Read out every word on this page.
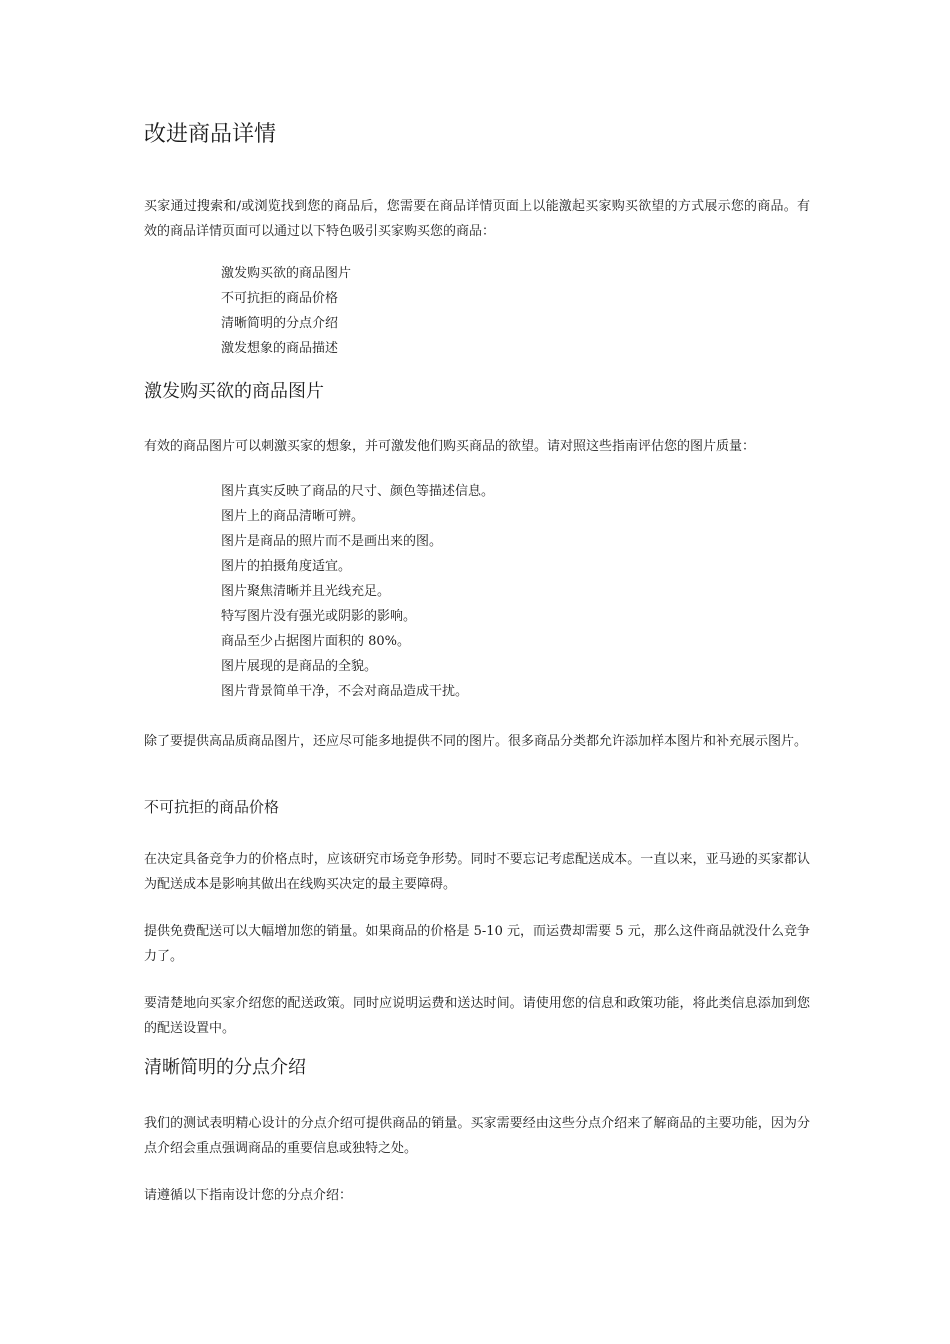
改进商品详情

买家通过搜索和/或浏览找到您的商品后，您需要在商品详情页面上以能激起买家购买欲望的方式展示您的商品。有效的商品详情页面可以通过以下特色吸引买家购买您的商品：

激发购买欲的商品图片
不可抗拒的商品价格
清晰简明的分点介绍
激发想象的商品描述
激发购买欲的商品图片

有效的商品图片可以刺激买家的想象，并可激发他们购买商品的欲望。请对照这些指南评估您的图片质量：

图片真实反映了商品的尺寸、颜色等描述信息。
图片上的商品清晰可辨。
图片是商品的照片而不是画出来的图。
图片的拍摄角度适宜。
图片聚焦清晰并且光线充足。
特写图片没有强光或阴影的影响。
商品至少占据图片面积的 80%。
图片展现的是商品的全貌。
图片背景简单干净，不会对商品造成干扰。

除了要提供高品质商品图片，还应尽可能多地提供不同的图片。很多商品分类都允许添加样本图片和补充展示图片。

不可抗拒的商品价格

在决定具备竞争力的价格点时，应该研究市场竞争形势。同时不要忘记考虑配送成本。一直以来，亚马逊的买家都认为配送成本是影响其做出在线购买决定的最主要障碍。

提供免费配送可以大幅增加您的销量。如果商品的价格是 5-10 元，而运费却需要 5 元，那么这件商品就没什么竞争力了。

要清楚地向买家介绍您的配送政策。同时应说明运费和送达时间。请使用您的信息和政策功能，将此类信息添加到您的配送设置中。

清晰简明的分点介绍

我们的测试表明精心设计的分点介绍可提供商品的销量。买家需要经由这些分点介绍来了解商品的主要功能，因为分点介绍会重点强调商品的重要信息或独特之处。

请遵循以下指南设计您的分点介绍：
